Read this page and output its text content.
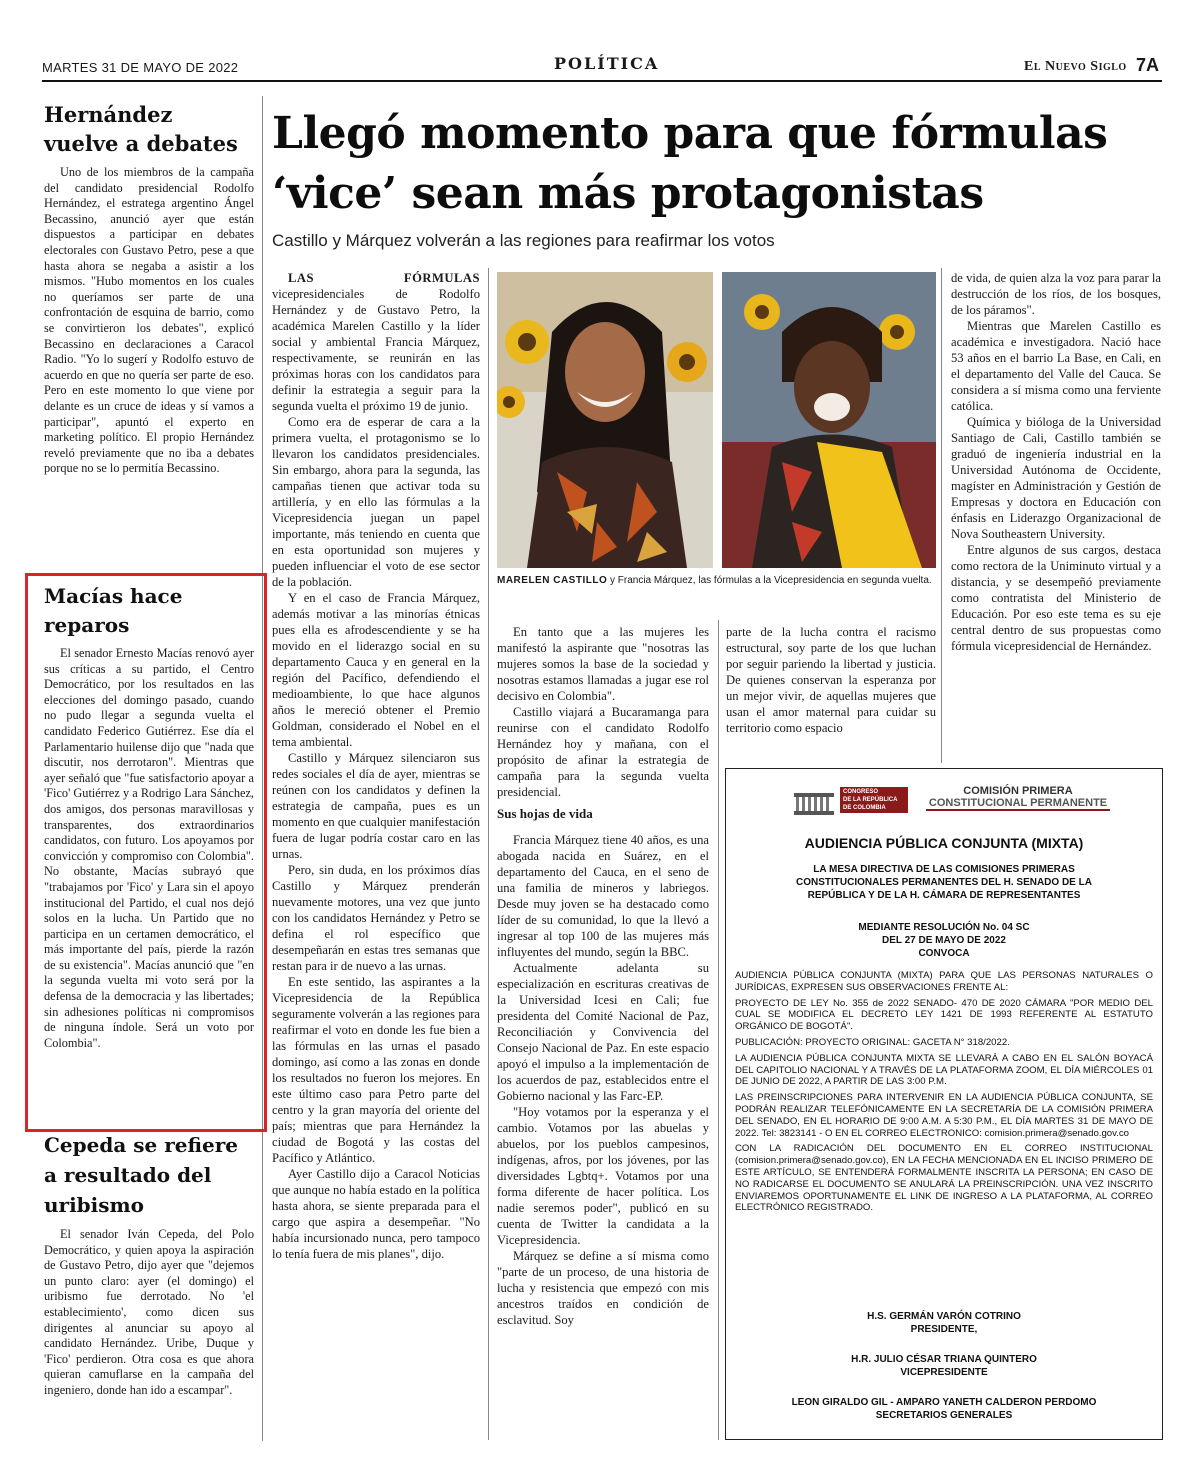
MARTES 31 DE MAYO DE 2022	POLÍTICA	El Nuevo Siglo 7A
Hernández
vuelve a debates

Uno de los miembros de la campaña del candidato presidencial Rodolfo Hernández, el estratega argentino Ángel Becassino, anunció ayer que están dispuestos a participar en debates electorales con Gustavo Petro, pese a que hasta ahora se negaba a asistir a los mismos. "Hubo momentos en los cuales no queríamos ser parte de una confrontación de esquina de barrio, como se convirtieron los debates", explicó Becassino en declaraciones a Caracol Radio. "Yo lo sugerí y Rodolfo estuvo de acuerdo en que no quería ser parte de eso. Pero en este momento lo que viene por delante es un cruce de ideas y sí vamos a participar", apuntó el experto en marketing político. El propio Hernández reveló previamente que no iba a debates porque no se lo permitía Becassino.

Macías hace reparos

El senador Ernesto Macías renovó ayer sus críticas a su partido, el Centro Democrático, por los resultados en las elecciones del domingo pasado, cuando no pudo llegar a segunda vuelta el candidato Federico Gutiérrez. Ese día el Parlamentario huilense dijo que "nada que discutir, nos derrotaron". Mientras que ayer señaló que "fue satisfactorio apoyar a 'Fico' Gutiérrez y a Rodrigo Lara Sánchez, dos amigos, dos personas maravillosas y transparentes, dos extraordinarios candidatos, con futuro. Los apoyamos por convicción y compromiso con Colombia". No obstante, Macías subrayó que "trabajamos por 'Fico' y Lara sin el apoyo institucional del Partido, el cual nos dejó solos en la lucha. Un Partido que no participa en un certamen democrático, el más importante del país, pierde la razón de su existencia". Macías anunció que "en la segunda vuelta mi voto será por la defensa de la democracia y las libertades; sin adhesiones políticas ni compromisos de ninguna índole. Será un voto por Colombia".

Cepeda se refiere
a resultado del
uribismo

El senador Iván Cepeda, del Polo Democrático, y quien apoya la aspiración de Gustavo Petro, dijo ayer que "dejemos un punto claro: ayer (el domingo) el uribismo fue derrotado. No 'el establecimiento', como dicen sus dirigentes al anunciar su apoyo al candidato Hernández. Uribe, Duque y 'Fico' perdieron. Otra cosa es que ahora quieran camuflarse en la campaña del ingeniero, donde han ido a escampar".

Llegó momento para que fórmulas
‘vice’ sean más protagonistas
Castillo y Márquez volverán a las regiones para reafirmar los votos

LAS FÓRMULAS vicepresidenciales de Rodolfo Hernández y de Gustavo Petro, la académica Marelen Castillo y la líder social y ambiental Francia Márquez, respectivamente, se reunirán en las próximas horas con los candidatos para definir la estrategia a seguir para la segunda vuelta el próximo 19 de junio.

Como era de esperar de cara a la primera vuelta, el protagonismo se lo llevaron los candidatos presidenciales. Sin embargo, ahora para la segunda, las campañas tienen que activar toda su artillería, y en ello las fórmulas a la Vicepresidencia juegan un papel importante, más teniendo en cuenta que en esta oportunidad son mujeres y pueden influenciar el voto de ese sector de la población.

Y en el caso de Francia Márquez, además motivar a las minorías étnicas pues ella es afrodescendiente y se ha movido en el liderazgo social en su departamento Cauca y en general en la región del Pacífico, defendiendo el medioambiente, lo que hace algunos años le mereció obtener el Premio Goldman, considerado el Nobel en el tema ambiental.

Castillo y Márquez silenciaron sus redes sociales el día de ayer, mientras se reúnen con los candidatos y definen la estrategia de campaña, pues es un momento en que cualquier manifestación fuera de lugar podría costar caro en las urnas.

Pero, sin duda, en los próximos días Castillo y Márquez prenderán nuevamente motores, una vez que junto con los candidatos Hernández y Petro se defina el rol específico que desempeñarán en estas tres semanas que restan para ir de nuevo a las urnas.

En este sentido, las aspirantes a la Vicepresidencia de la República seguramente volverán a las regiones para reafirmar el voto en donde les fue bien a las fórmulas en las urnas el pasado domingo, así como a las zonas en donde los resultados no fueron los mejores. En este último caso para Petro parte del centro y la gran mayoría del oriente del país; mientras que para Hernández la ciudad de Bogotá y las costas del Pacífico y Atlántico.

Ayer Castillo dijo a Caracol Noticias que aunque no había estado en la política hasta ahora, se siente preparada para el cargo que aspira a desempeñar. "No había incursionado nunca, pero tampoco lo tenía fuera de mis planes", dijo.

MARELEN CASTILLO y Francia Márquez, las fórmulas a la Vicepresidencia en segunda vuelta.

En tanto que a las mujeres les manifestó la aspirante que "nosotras las mujeres somos la base de la sociedad y nosotras estamos llamadas a jugar ese rol decisivo en Colombia".

Castillo viajará a Bucaramanga para reunirse con el candidato Rodolfo Hernández hoy y mañana, con el propósito de afinar la estrategia de campaña para la segunda vuelta presidencial.

Sus hojas de vida

Francia Márquez tiene 40 años, es una abogada nacida en Suárez, en el departamento del Cauca, en el seno de una familia de mineros y labriegos. Desde muy joven se ha destacado como líder de su comunidad, lo que la llevó a ingresar al top 100 de las mujeres más influyentes del mundo, según la BBC.

Actualmente adelanta su especialización en escrituras creativas de la Universidad Icesi en Cali; fue presidenta del Comité Nacional de Paz, Reconciliación y Convivencia del Consejo Nacional de Paz. En este espacio apoyó el impulso a la implementación de los acuerdos de paz, establecidos entre el Gobierno nacional y las Farc-EP.

"Hoy votamos por la esperanza y el cambio. Votamos por las abuelas y abuelos, por los pueblos campesinos, indígenas, afros, por los jóvenes, por las diversidades Lgbtq+. Votamos por una forma diferente de hacer política. Los nadie seremos poder", publicó en su cuenta de Twitter la candidata a la Vicepresidencia.

Márquez se define a sí misma como "parte de un proceso, de una historia de lucha y resistencia que empezó con mis ancestros traídos en condición de esclavitud. Soy

parte de la lucha contra el racismo estructural, soy parte de los que luchan por seguir pariendo la libertad y justicia. De quienes conservan la esperanza por un mejor vivir, de aquellas mujeres que usan el amor maternal para cuidar su territorio como espacio

de vida, de quien alza la voz para parar la destrucción de los ríos, de los bosques, de los páramos".

Mientras que Marelen Castillo es académica e investigadora. Nació hace 53 años en el barrio La Base, en Cali, en el departamento del Valle del Cauca. Se considera a sí misma como una ferviente católica.

Química y bióloga de la Universidad Santiago de Cali, Castillo también se graduó de ingeniería industrial en la Universidad Autónoma de Occidente, magíster en Administración y Gestión de Empresas y doctora en Educación con énfasis en Liderazgo Organizacional de Nova Southeastern University.

Entre algunos de sus cargos, destaca como rectora de la Uniminuto virtual y a distancia, y se desempeñó previamente como contratista del Ministerio de Educación. Por eso este tema es su eje central dentro de sus propuestas como fórmula vicepresidencial de Hernández.

CONGRESO
DE LA REPÚBLICA
DE COLOMBIA
COMISIÓN PRIMERA
CONSTITUCIONAL PERMANENTE
AUDIENCIA PÚBLICA CONJUNTA (MIXTA)
LA MESA DIRECTIVA DE LAS COMISIONES PRIMERAS CONSTITUCIONALES PERMANENTES DEL H. SENADO DE LA REPÚBLICA Y DE LA H. CÁMARA DE REPRESENTANTES
MEDIANTE RESOLUCIÓN No. 04 SC
DEL 27 DE MAYO DE 2022
CONVOCA
AUDIENCIA PÚBLICA CONJUNTA (MIXTA) PARA QUE LAS PERSONAS NATURALES O JURÍDICAS, EXPRESEN SUS OBSERVACIONES FRENTE AL:
PROYECTO DE LEY No. 355 de 2022 SENADO- 470 DE 2020 CÁMARA "POR MEDIO DEL CUAL SE MODIFICA EL DECRETO LEY 1421 DE 1993 REFERENTE AL ESTATUTO ORGÁNICO DE BOGOTÁ".
PUBLICACIÓN: PROYECTO ORIGINAL: GACETA N° 318/2022.
LA AUDIENCIA PÚBLICA CONJUNTA MIXTA SE LLEVARÁ A CABO EN EL SALÓN BOYACÁ DEL CAPITOLIO NACIONAL Y A TRAVÉS DE LA PLATAFORMA ZOOM, EL DÍA MIÉRCOLES 01 DE JUNIO DE 2022, A PARTIR DE LAS 3:00 P.M.
LAS PREINSCRIPCIONES PARA INTERVENIR EN LA AUDIENCIA PÚBLICA CONJUNTA, SE PODRÁN REALIZAR TELEFÓNICAMENTE EN LA SECRETARÍA DE LA COMISIÓN PRIMERA DEL SENADO, EN EL HORARIO DE 9:00 A.M. A 5:30 P.M., EL DÍA MARTES 31 DE MAYO DE 2022. Tel: 3823141 - O EN EL CORREO ELECTRONICO: comision.primera@senado.gov.co
CON LA RADICACIÓN DEL DOCUMENTO EN EL CORREO INSTITUCIONAL (comision.primera@senado.gov.co), EN LA FECHA MENCIONADA EN EL INCISO PRIMERO DE ESTE ARTÍCULO, SE ENTENDERÁ FORMALMENTE INSCRITA LA PERSONA; EN CASO DE NO RADICARSE EL DOCUMENTO SE ANULARÁ LA PREINSCRIPCIÓN. UNA VEZ INSCRITO ENVIAREMOS OPORTUNAMENTE EL LINK DE INGRESO A LA PLATAFORMA, AL CORREO ELECTRÓNICO REGISTRADO.
H.S. GERMÁN VARÓN COTRINO
PRESIDENTE,
H.R. JULIO CÉSAR TRIANA QUINTERO
VICEPRESIDENTE
LEON GIRALDO GIL - AMPARO YANETH CALDERON PERDOMO
SECRETARIOS GENERALES
